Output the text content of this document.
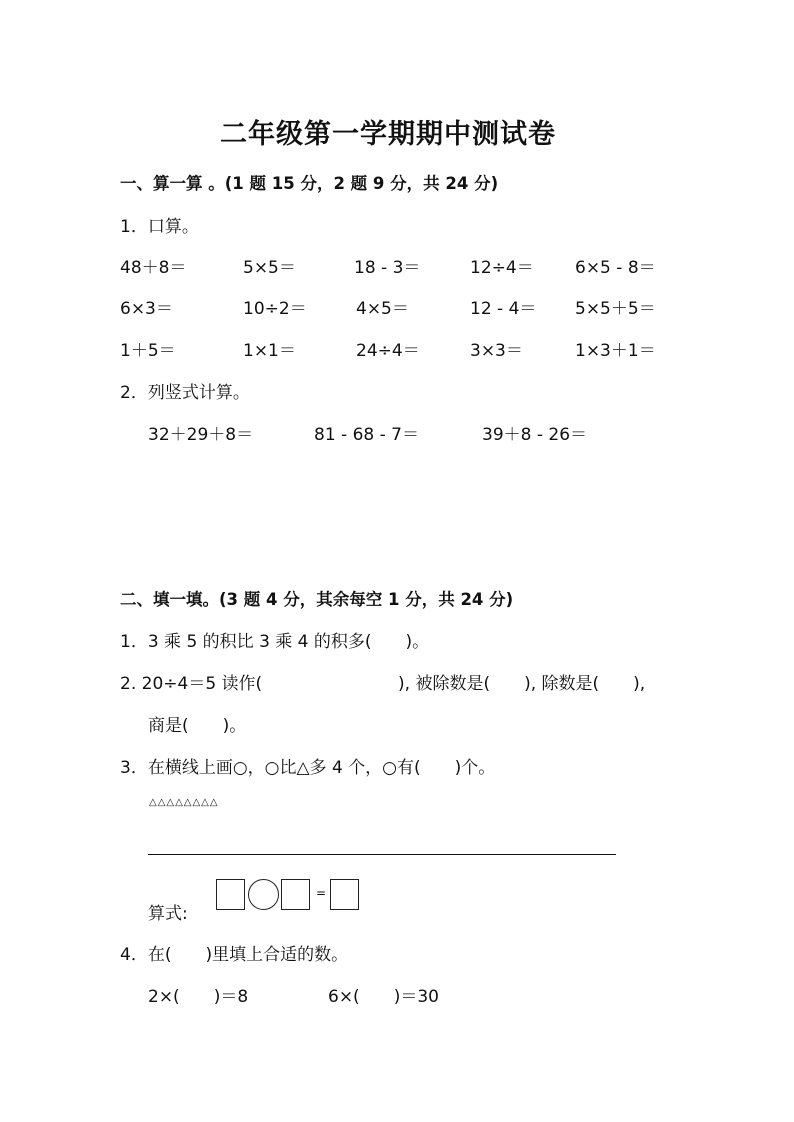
二年级第一学期期中测试卷
一、算一算 。(1 题 15 分，2 题 9 分，共 24 分)
1．口算。
48＋8＝	5×5＝	18 - 3＝	12÷4＝ 6×5 - 8＝
6×3＝	10÷2＝	4×5＝	12 - 4＝ 5×5＋5＝
1＋5＝	1×1＝	24÷4＝	3×3＝	1×3＋1＝
2．列竖式计算。
32＋29＋8＝	81 - 68 - 7＝	39＋8 - 26＝
二、填一填。(3 题 4 分，其余每空 1 分，共 24 分)
1．3 乘 5 的积比 3 乘 4 的积多(　　)。
2. 20÷4＝5 读作(	), 被除数是(　　), 除数是(　　),
商是(　　)。
3．在横线上画○，○比△多 4 个，○有(　　)个。
△△△△△△△△
算式:
=
4．在(　　)里填上合适的数。
2×(　　)＝8	6×(　　)＝30
